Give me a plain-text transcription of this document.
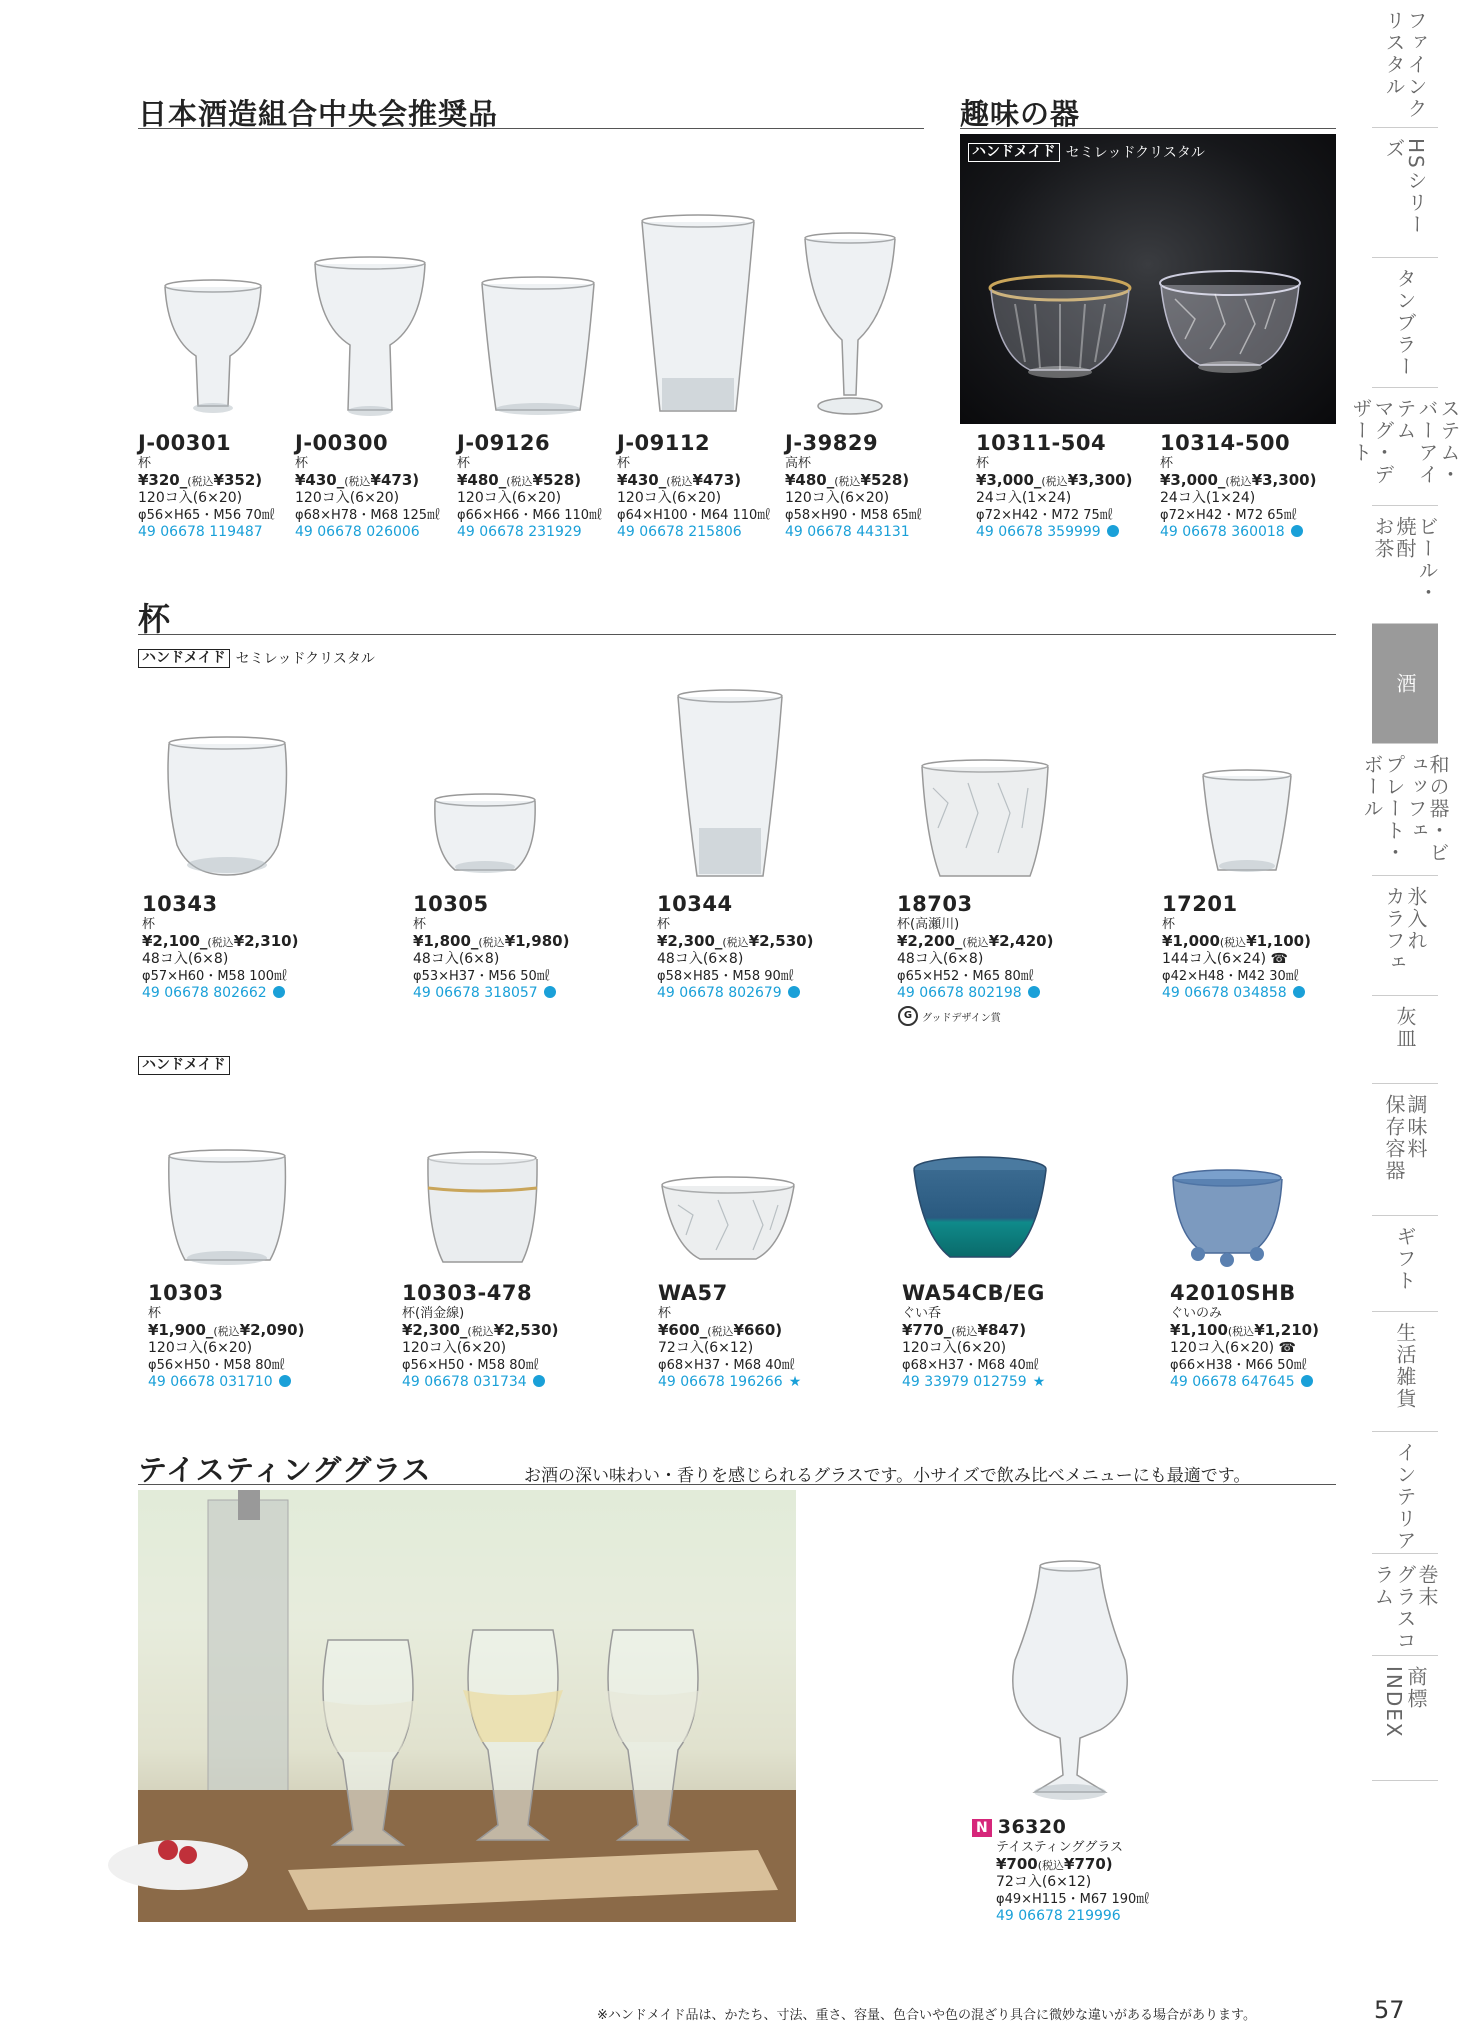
日本酒造組合中央会推奨品	趣味の器
ハンドメイド セミレッドクリスタル
J-00301
杯
¥320_(税込¥352)
120コ入(6×20)
φ56×H65・M56 70㎖
49 06678 119487
J-00300
杯
¥430_(税込¥473)
120コ入(6×20)
φ68×H78・M68 125㎖
49 06678 026006
J-09126
杯
¥480_(税込¥528)
120コ入(6×20)
φ66×H66・M66 110㎖
49 06678 231929
J-09112
杯
¥430_(税込¥473)
120コ入(6×20)
φ64×H100・M64 110㎖
49 06678 215806
J-39829
高杯
¥480_(税込¥528)
120コ入(6×20)
φ58×H90・M58 65㎖
49 06678 443131
10311-504
杯
¥3,000_(税込¥3,300)
24コ入(1×24)
φ72×H42・M72 75㎖
49 06678 359999
10314-500
杯
¥3,000_(税込¥3,300)
24コ入(1×24)
φ72×H42・M72 65㎖
49 06678 360018
杯
ハンドメイド セミレッドクリスタル
10343
杯
¥2,100_(税込¥2,310)
48コ入(6×8)
φ57×H60・M58 100㎖
49 06678 802662
10305
杯
¥1,800_(税込¥1,980)
48コ入(6×8)
φ53×H37・M56 50㎖
49 06678 318057
10344
杯
¥2,300_(税込¥2,530)
48コ入(6×8)
φ58×H85・M58 90㎖
49 06678 802679
18703
杯(高瀬川)
¥2,200_(税込¥2,420)
48コ入(6×8)
φ65×H52・M65 80㎖
49 06678 802198
17201
杯
¥1,000(税込¥1,100)
144コ入(6×24) ☎
φ42×H48・M42 30㎖
49 06678 034858
G グッドデザイン賞
ハンドメイド
10303
杯
¥1,900_(税込¥2,090)
120コ入(6×20)
φ56×H50・M58 80㎖
49 06678 031710
10303-478
杯(消金線)
¥2,300_(税込¥2,530)
120コ入(6×20)
φ56×H50・M58 80㎖
49 06678 031734
WA57
杯
¥600_(税込¥660)
72コ入(6×12)
φ68×H37・M68 40㎖
49 06678 196266 ★
WA54CB/EG
ぐい呑
¥770_(税込¥847)
120コ入(6×20)
φ68×H37・M68 40㎖
49 33979 012759 ★
42010SHB
ぐいのみ
¥1,100(税込¥1,210)
120コ入(6×20) ☎
φ66×H38・M66 50㎖
49 06678 647645
テイスティンググラス	お酒の深い味わい・香りを感じられるグラスです。小サイズで飲み比べメニューにも最適です。
N 36320
テイスティンググラス
¥700(税込¥770)
72コ入(6×12)
φ49×H115・M67 190㎖
49 06678 219996
※ハンドメイド品は、かたち、寸法、重さ、容量、色合いや色の混ざり具合に微妙な違いがある場合があります。	57
ファインクリスタル
HSシリーズ
タンブラー
ステム・バーアイテム
マグ・デザート
ビール・焼酎
お茶
酒
和の器・ビュッフェ
プレート・ボール
氷入れ
カラフェ
灰皿
調味料
保存容器
ギフト
生活雑貨
インテリア
巻末
グラスコラム
商標
INDEX
